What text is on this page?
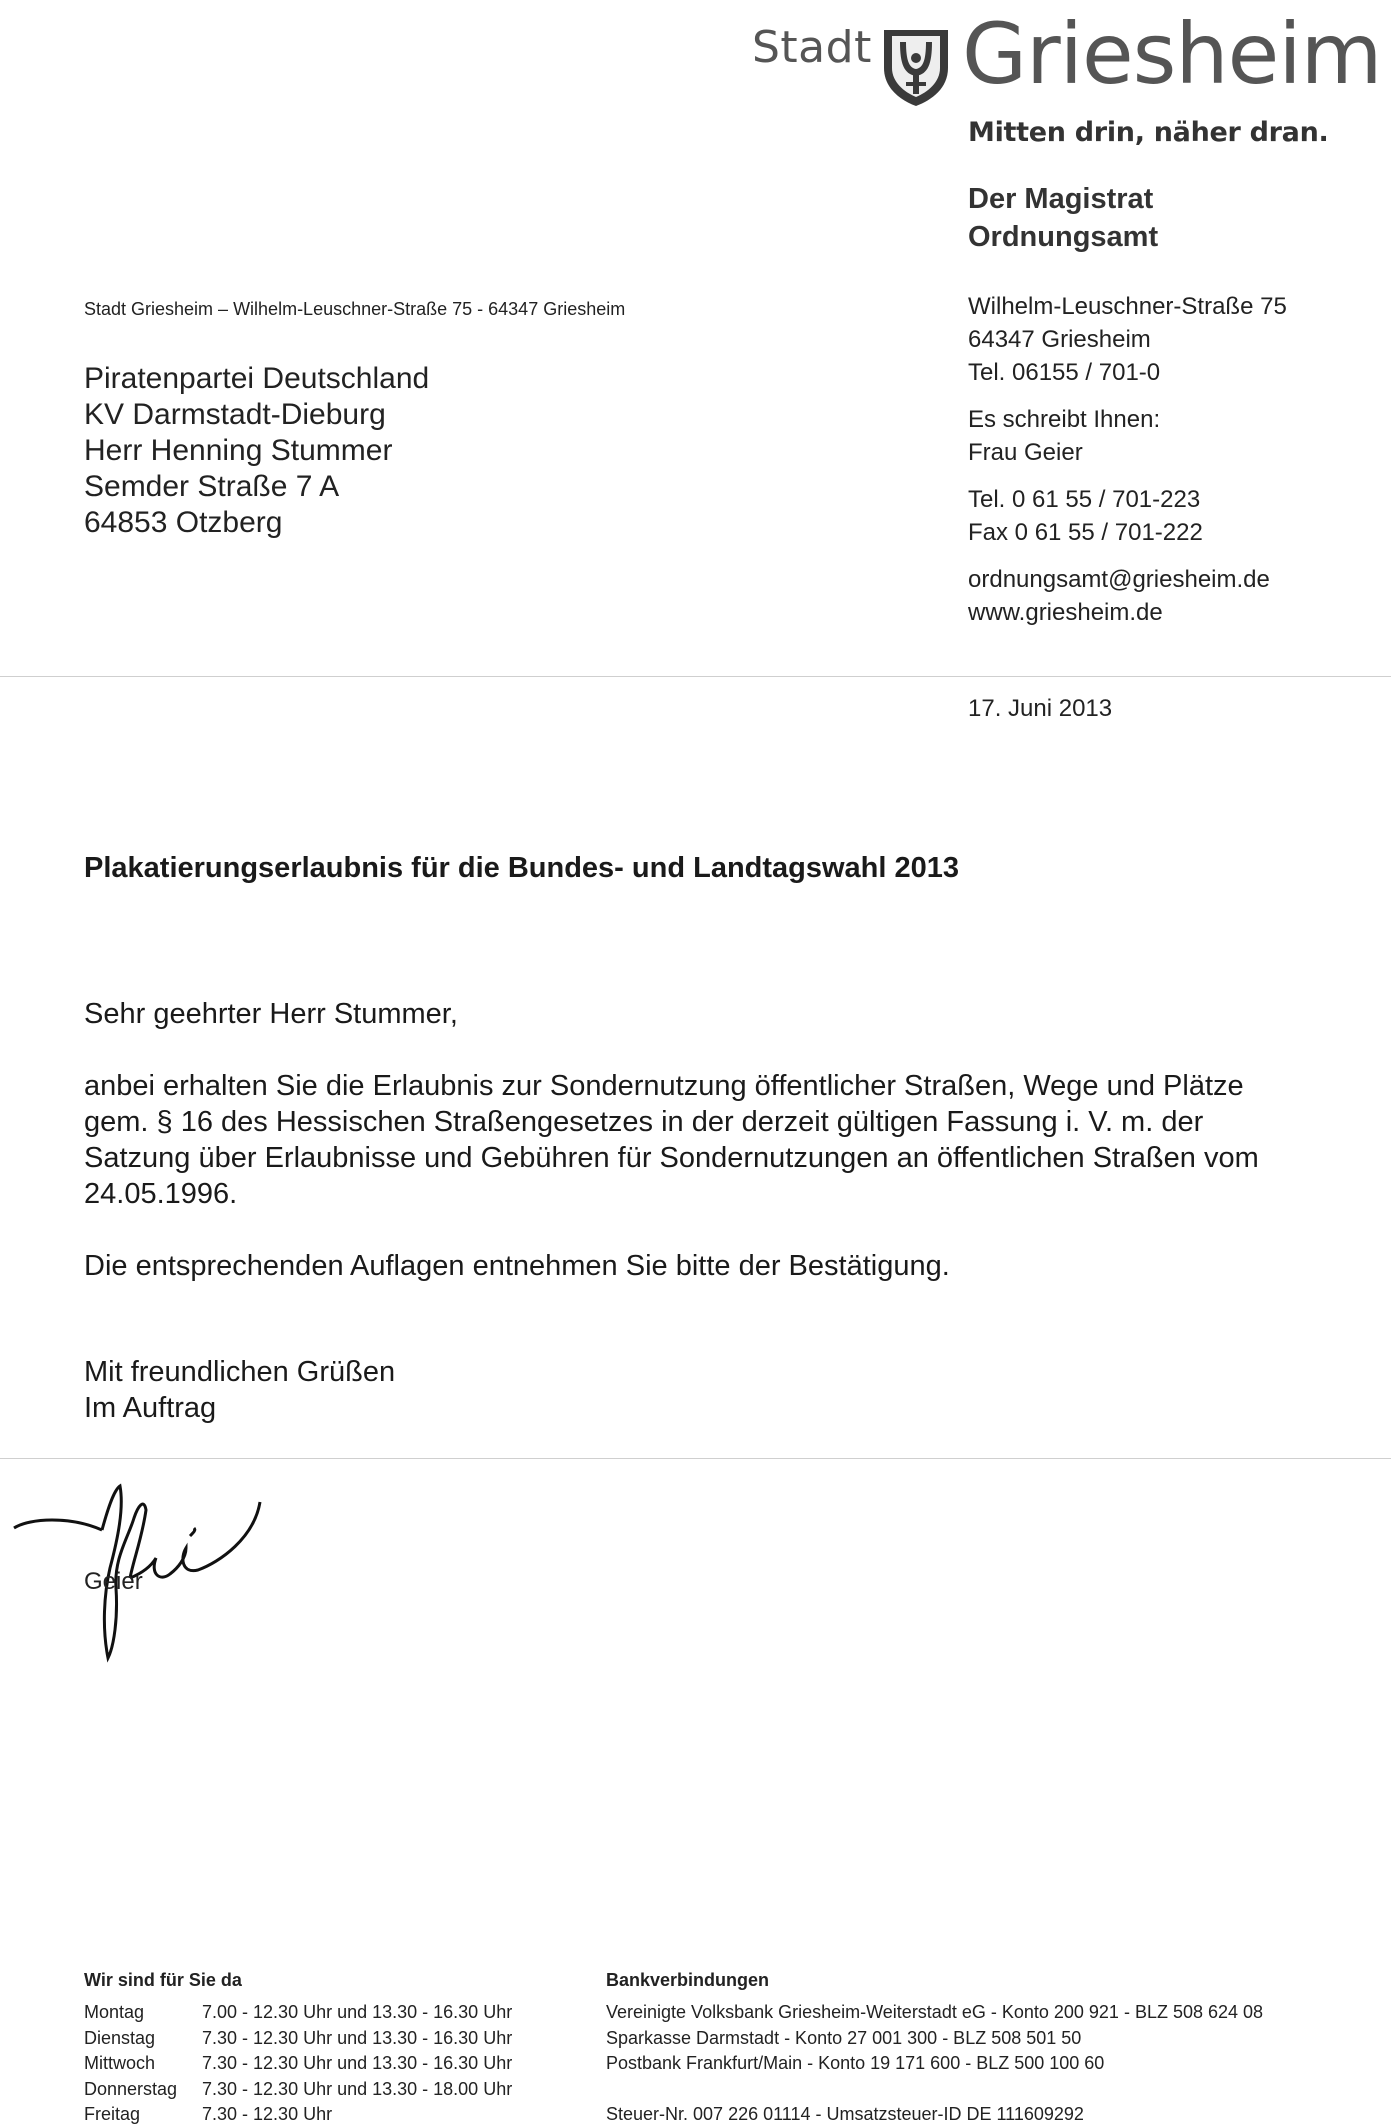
Stadt Griesheim
Mitten drin, näher dran.
Der Magistrat
Ordnungsamt
Wilhelm-Leuschner-Straße 75
64347 Griesheim
Tel. 06155 / 701-0
Es schreibt Ihnen:
Frau Geier
Tel. 0 61 55 / 701-223
Fax 0 61 55 / 701-222
ordnungsamt@griesheim.de
www.griesheim.de
Stadt Griesheim – Wilhelm-Leuschner-Straße 75 - 64347 Griesheim
Piratenpartei Deutschland
KV Darmstadt-Dieburg
Herr Henning Stummer
Semder Straße 7 A
64853 Otzberg
17. Juni 2013
Plakatierungserlaubnis für die Bundes- und Landtagswahl 2013
Sehr geehrter Herr Stummer,
anbei erhalten Sie die Erlaubnis zur Sondernutzung öffentlicher Straßen, Wege und Plätze
gem. § 16 des Hessischen Straßengesetzes in der derzeit gültigen Fassung i. V. m. der
Satzung über Erlaubnisse und Gebühren für Sondernutzungen an öffentlichen Straßen vom
24.05.1996.
Die entsprechenden Auflagen entnehmen Sie bitte der Bestätigung.
Mit freundlichen Grüßen
Im Auftrag
Geier
Wir sind für Sie da
Montag	7.00 - 12.30 Uhr und 13.30 - 16.30 Uhr
Dienstag	7.30 - 12.30 Uhr und 13.30 - 16.30 Uhr
Mittwoch	7.30 - 12.30 Uhr und 13.30 - 16.30 Uhr
Donnerstag 7.30 - 12.30 Uhr und 13.30 - 18.00 Uhr
Freitag	7.30 - 12.30 Uhr
Bankverbindungen
Vereinigte Volksbank Griesheim-Weiterstadt eG - Konto 200 921 - BLZ 508 624 08
Sparkasse Darmstadt - Konto 27 001 300 - BLZ 508 501 50
Postbank Frankfurt/Main - Konto 19 171 600 - BLZ 500 100 60
Steuer-Nr. 007 226 01114 - Umsatzsteuer-ID DE 111609292
